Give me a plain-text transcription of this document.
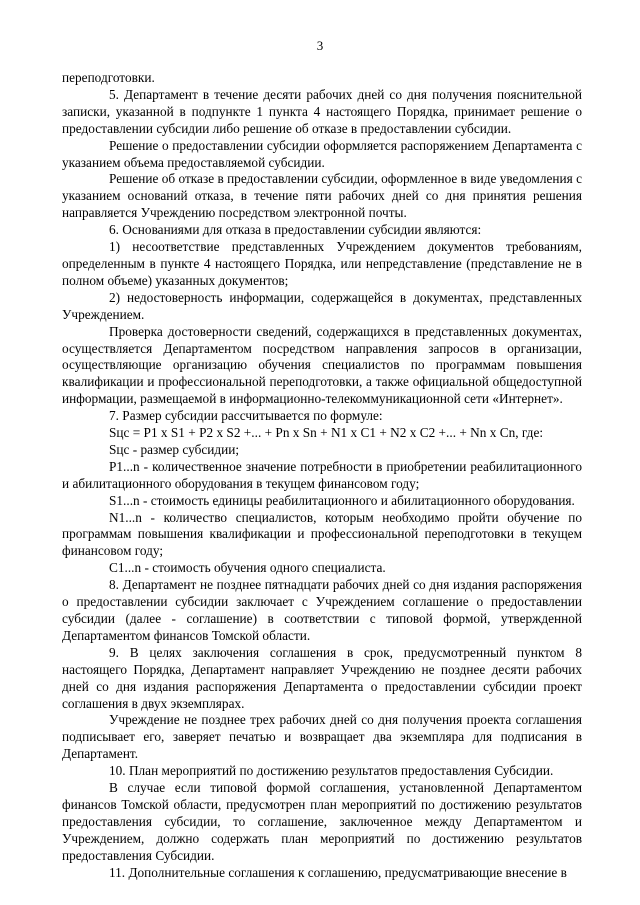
3

переподготовки.

5. Департамент в течение десяти рабочих дней со дня получения пояснительной записки, указанной в подпункте 1 пункта 4 настоящего Порядка, принимает решение о предоставлении субсидии либо решение об отказе в предоставлении субсидии.

Решение о предоставлении субсидии оформляется распоряжением Департамента с указанием объема предоставляемой субсидии.

Решение об отказе в предоставлении субсидии, оформленное в виде уведомления с указанием оснований отказа, в течение пяти рабочих дней со дня принятия решения направляется Учреждению посредством электронной почты.

6. Основаниями для отказа в предоставлении субсидии являются:

1) несоответствие представленных Учреждением документов требованиям, определенным в пункте 4 настоящего Порядка, или непредставление (представление не в полном объеме) указанных документов;

2) недостоверность информации, содержащейся в документах, представленных Учреждением.

Проверка достоверности сведений, содержащихся в представленных документах, осуществляется Департаментом посредством направления запросов в организации, осуществляющие организацию обучения специалистов по программам повышения квалификации и профессиональной переподготовки, а также официальной общедоступной информации, размещаемой в информационно-телекоммуникационной сети «Интернет».

7. Размер субсидии рассчитывается по формуле:

Sцс = P1 x S1 + P2 x S2 +... + Pn x Sn + N1 x C1 + N2 x C2 +... + Nn x Cn, где:

Sцс - размер субсидии;

P1...n - количественное значение потребности в приобретении реабилитационного и абилитационного оборудования в текущем финансовом году;

S1...n - стоимость единицы реабилитационного и абилитационного оборудования.

N1...n - количество специалистов, которым необходимо пройти обучение по программам повышения квалификации и профессиональной переподготовки в текущем финансовом году;

C1...n - стоимость обучения одного специалиста.

8. Департамент не позднее пятнадцати рабочих дней со дня издания распоряжения о предоставлении субсидии заключает с Учреждением соглашение о предоставлении субсидии (далее - соглашение) в соответствии с типовой формой, утвержденной Департаментом финансов Томской области.

9. В целях заключения соглашения в срок, предусмотренный пунктом 8 настоящего Порядка, Департамент направляет Учреждению не позднее десяти рабочих дней со дня издания распоряжения Департамента о предоставлении субсидии проект соглашения в двух экземплярах.

Учреждение не позднее трех рабочих дней со дня получения проекта соглашения подписывает его, заверяет печатью и возвращает два экземпляра для подписания в Департамент.

10. План мероприятий по достижению результатов предоставления Субсидии.

В случае если типовой формой соглашения, установленной Департаментом финансов Томской области, предусмотрен план мероприятий по достижению результатов предоставления субсидии, то соглашение, заключенное между Департаментом и Учреждением, должно содержать план мероприятий по достижению результатов предоставления Субсидии.

11. Дополнительные соглашения к соглашению, предусматривающие внесение в
